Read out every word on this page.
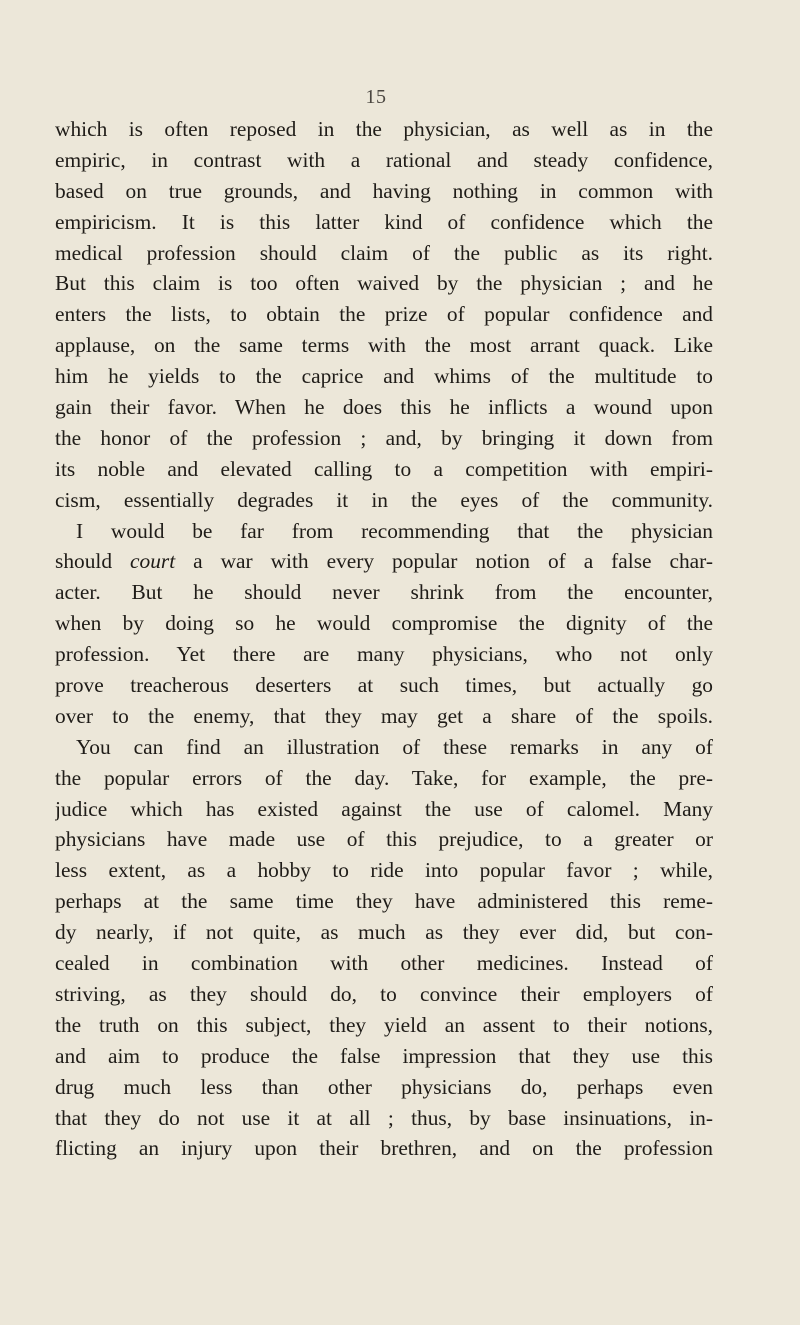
15
which is often reposed in the physician, as well as in the
empiric, in contrast with a rational and steady confidence,
based on true grounds, and having nothing in common with
empiricism. It is this latter kind of confidence which the
medical profession should claim of the public as its right.
But this claim is too often waived by the physician ; and he
enters the lists, to obtain the prize of popular confidence and
applause, on the same terms with the most arrant quack. Like
him he yields to the caprice and whims of the multitude to
gain their favor. When he does this he inflicts a wound upon
the honor of the profession ; and, by bringing it down from
its noble and elevated calling to a competition with empiri-
cism, essentially degrades it in the eyes of the community.
I would be far from recommending that the physician
should court a war with every popular notion of a false char-
acter. But he should never shrink from the encounter,
when by doing so he would compromise the dignity of the
profession. Yet there are many physicians, who not only
prove treacherous deserters at such times, but actually go
over to the enemy, that they may get a share of the spoils.
You can find an illustration of these remarks in any of
the popular errors of the day. Take, for example, the pre-
judice which has existed against the use of calomel. Many
physicians have made use of this prejudice, to a greater or
less extent, as a hobby to ride into popular favor ; while,
perhaps at the same time they have administered this reme-
dy nearly, if not quite, as much as they ever did, but con-
cealed in combination with other medicines. Instead of
striving, as they should do, to convince their employers of
the truth on this subject, they yield an assent to their notions,
and aim to produce the false impression that they use this
drug much less than other physicians do, perhaps even
that they do not use it at all ; thus, by base insinuations, in-
flicting an injury upon their brethren, and on the profession
